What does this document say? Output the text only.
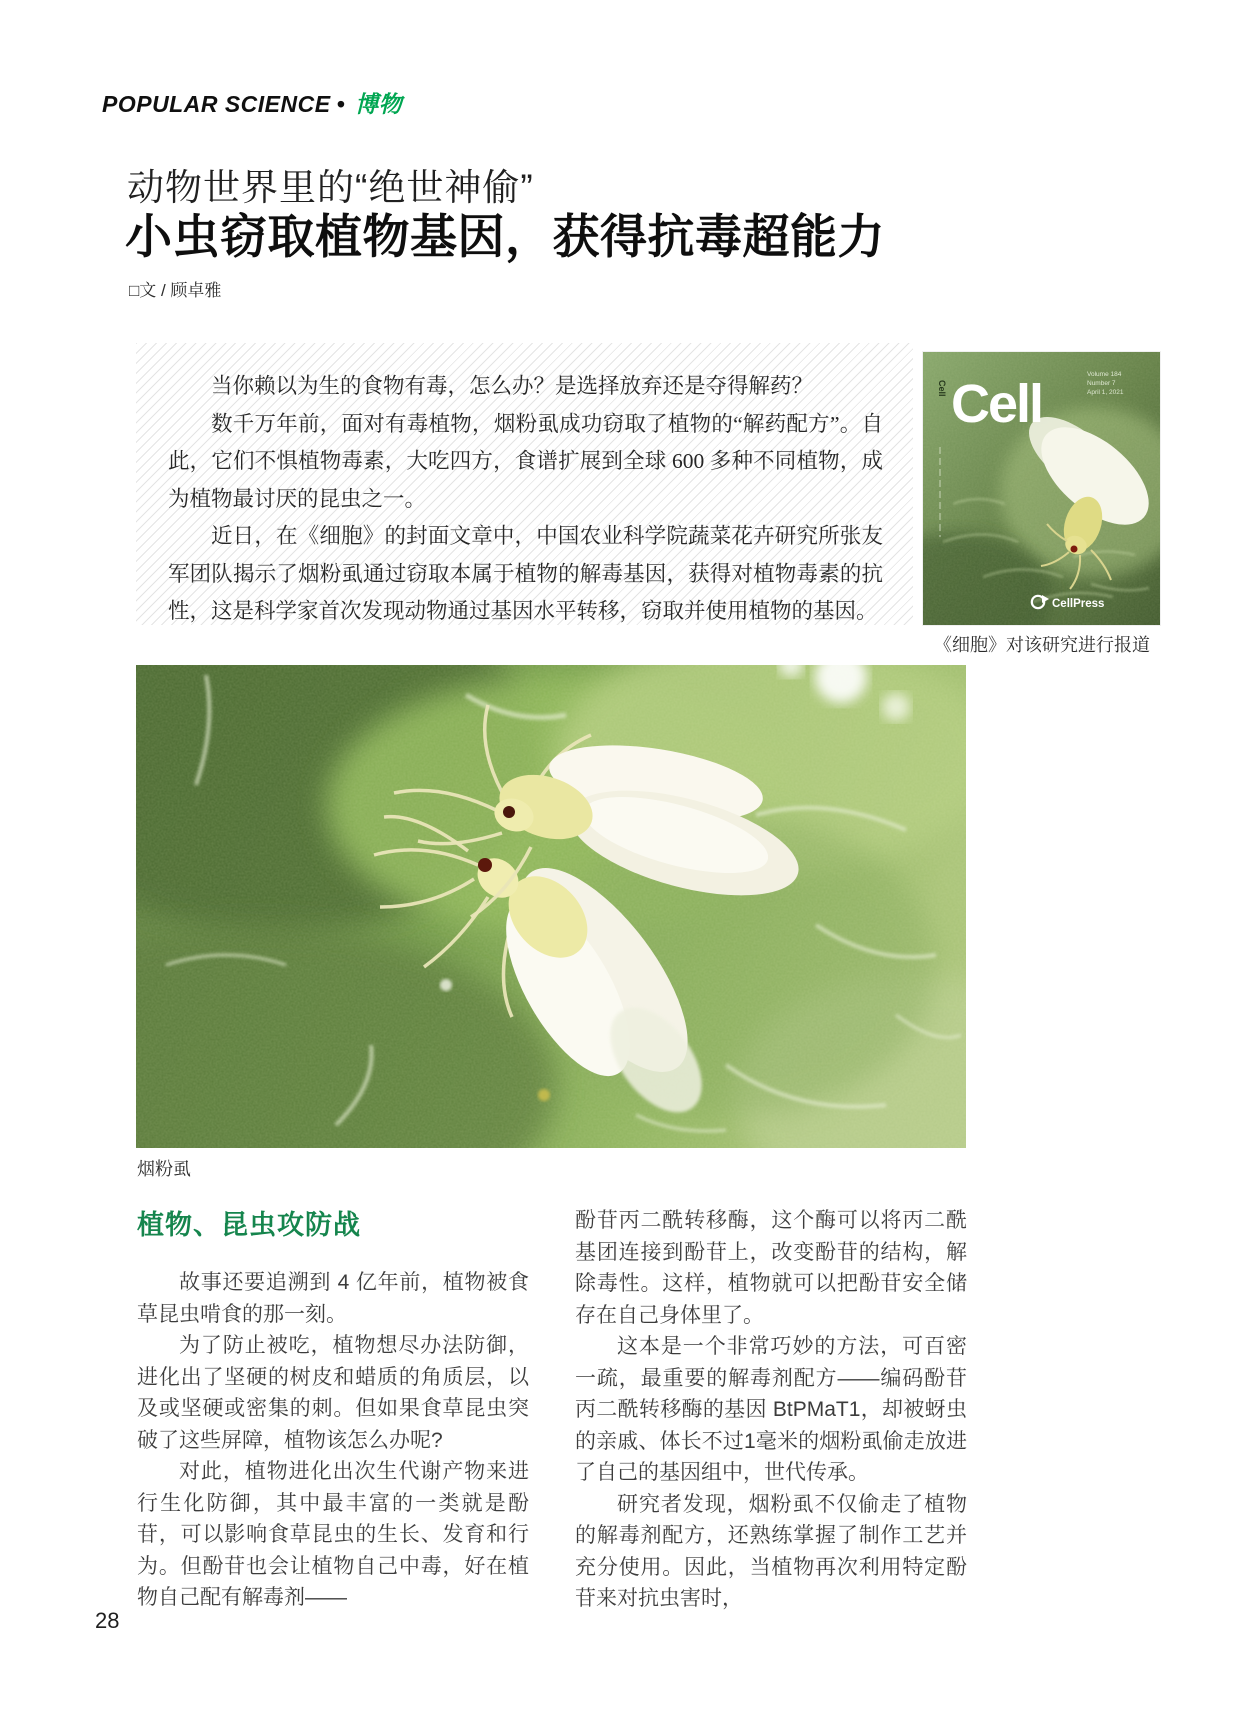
POPULAR SCIENCE • 博物
动物世界里的“绝世神偷”
小虫窃取植物基因，获得抗毒超能力
□文 / 顾卓雅

当你赖以为生的食物有毒，怎么办？是选择放弃还是夺得解药？

数千万年前，面对有毒植物，烟粉虱成功窃取了植物的“解药配方”。自此，它们不惧植物毒素，大吃四方，食谱扩展到全球 600 多种不同植物，成为植物最讨厌的昆虫之一。

近日，在《细胞》的封面文章中，中国农业科学院蔬菜花卉研究所张友军团队揭示了烟粉虱通过窃取本属于植物的解毒基因，获得对植物毒素的抗性，这是科学家首次发现动物通过基因水平转移，窃取并使用植物的基因。

Cell Cell	Volume 184
Number 7
April 1, 2021
CellPress
《细胞》对该研究进行报道
烟粉虱
植物、昆虫攻防战

故事还要追溯到 4 亿年前，植物被食草昆虫啃食的那一刻。

为了防止被吃，植物想尽办法防御，进化出了坚硬的树皮和蜡质的角质层，以及或坚硬或密集的刺。但如果食草昆虫突破了这些屏障，植物该怎么办呢?

对此，植物进化出次生代谢产物来进行生化防御，其中最丰富的一类就是酚苷，可以影响食草昆虫的生长、发育和行为。但酚苷也会让植物自己中毒，好在植物自己配有解毒剂——

酚苷丙二酰转移酶，这个酶可以将丙二酰基团连接到酚苷上，改变酚苷的结构，解除毒性。这样，植物就可以把酚苷安全储存在自己身体里了。

这本是一个非常巧妙的方法，可百密一疏，最重要的解毒剂配方——编码酚苷丙二酰转移酶的基因 BtPMaT1，却被蚜虫的亲戚、体长不过1毫米的烟粉虱偷走放进了自己的基因组中，世代传承。

研究者发现，烟粉虱不仅偷走了植物的解毒剂配方，还熟练掌握了制作工艺并充分使用。因此，当植物再次利用特定酚苷来对抗虫害时，

28
